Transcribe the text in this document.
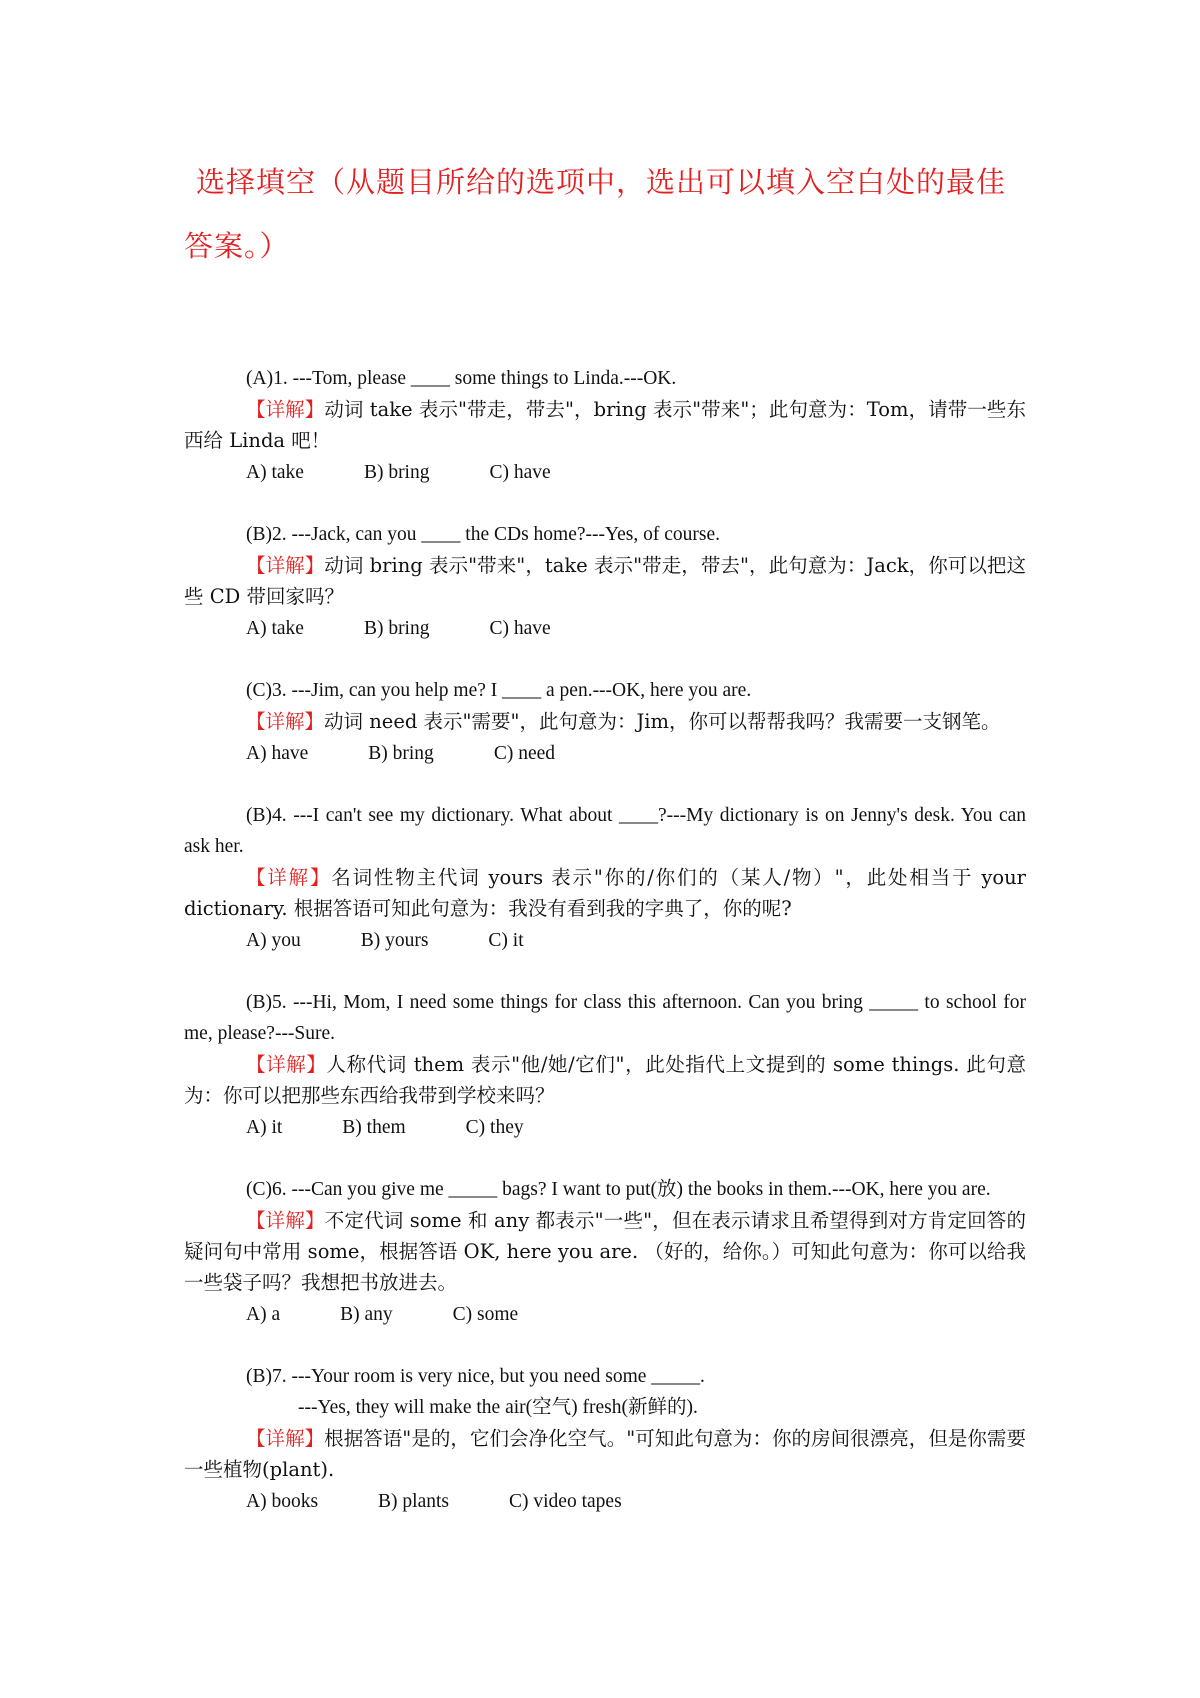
选择填空（从题目所给的选项中，选出可以填入空白处的最佳答案。）
(A)1. ---Tom, please ____ some things to Linda.---OK.
【详解】动词 take 表示"带走，带去"，bring 表示"带来"；此句意为：Tom，请带一些东西给 Linda 吧！
A) take	B) bring	C) have
(B)2. ---Jack, can you ____ the CDs home?---Yes, of course.
【详解】动词 bring 表示"带来"，take 表示"带走，带去"，此句意为：Jack，你可以把这些 CD 带回家吗？
A) take	B) bring	C) have
(C)3. ---Jim, can you help me? I ____ a pen.---OK, here you are.
【详解】动词 need 表示"需要"，此句意为：Jim，你可以帮帮我吗？我需要一支钢笔。
A) have	B) bring	C) need
(B)4. ---I can't see my dictionary. What about ____?---My dictionary is on Jenny's desk. You can ask her.
【详解】名词性物主代词 yours 表示"你的/你们的（某人/物）"，此处相当于 your dictionary. 根据答语可知此句意为：我没有看到我的字典了，你的呢?
A) you	B) yours	C) it
(B)5. ---Hi, Mom, I need some things for class this afternoon. Can you bring _____ to school for me, please?---Sure.
【详解】人称代词 them 表示"他/她/它们"，此处指代上文提到的 some things. 此句意为：你可以把那些东西给我带到学校来吗？
A) it	B) them	C) they
(C)6. ---Can you give me _____ bags? I want to put(放) the books in them.---OK, here you are.
【详解】不定代词 some 和 any 都表示"一些"，但在表示请求且希望得到对方肯定回答的疑问句中常用 some，根据答语 OK, here you are. （好的，给你。）可知此句意为：你可以给我一些袋子吗？我想把书放进去。
A) a	B) any	C) some
(B)7. ---Your room is very nice, but you need some _____.
---Yes, they will make the air(空气) fresh(新鲜的).
【详解】根据答语"是的，它们会净化空气。"可知此句意为：你的房间很漂亮，但是你需要一些植物(plant).
A) books	B) plants	C) video tapes
